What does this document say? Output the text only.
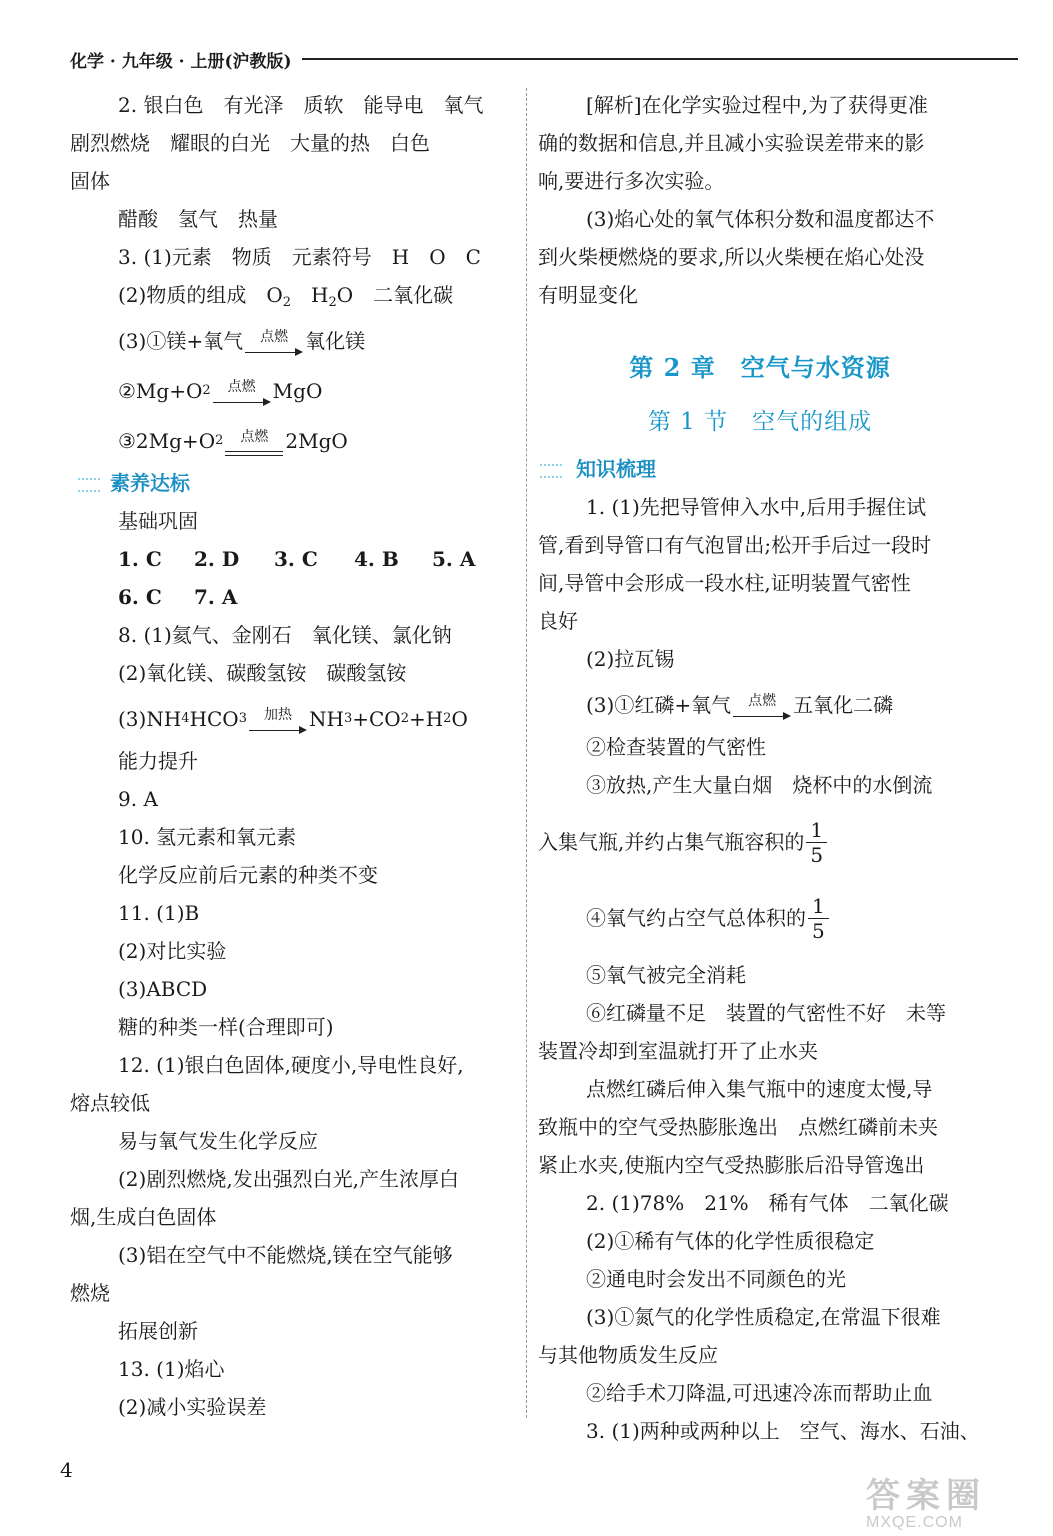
化学 · 九年级 · 上册(沪教版)
2. 银白色　有光泽　质软　能导电　氧气
剧烈燃烧　耀眼的白光　大量的热　白色
固体
醋酸　氢气　热量
3. (1)元素　物质　元素符号　H　O　C
(2)物质的组成　$O_2$　$H_2O$　二氧化碳
(3)①镁+氧气	点燃 氧化镁
②Mg+O 2	点燃 MgO
③2Mg+O 2	点燃 2MgO
素养达标
基础巩固
1. C 2. D 3. C 4. B 5. A
6. C 7. A
8. (1)氦气、金刚石　氧化镁、氯化钠
(2)氧化镁、碳酸氢铵　碳酸氢铵
(3)NH 4 HCO 3	加热 NH 3 +CO 2 +H 2 O
能力提升
9. A
10. 氢元素和氧元素
化学反应前后元素的种类不变
11. (1)B
(2)对比实验
(3)ABCD
糖的种类一样(合理即可)
12. (1)银白色固体,硬度小,导电性良好,
熔点较低
易与氧气发生化学反应
(2)剧烈燃烧,发出强烈白光,产生浓厚白
烟,生成白色固体
(3)铝在空气中不能燃烧,镁在空气能够
燃烧
拓展创新
13. (1)焰心
(2)减小实验误差
[解析]在化学实验过程中,为了获得更准
确的数据和信息,并且减小实验误差带来的影
响,要进行多次实验。
(3)焰心处的氧气体积分数和温度都达不
到火柴梗燃烧的要求,所以火柴梗在焰心处没
有明显变化
第 2 章　空气与水资源
第 1 节　空气的组成
知识梳理
1. (1)先把导管伸入水中,后用手握住试
管,看到导管口有气泡冒出;松开手后过一段时
间,导管中会形成一段水柱,证明装置气密性
良好
(2)拉瓦锡
(3)①红磷+氧气	点燃 五氧化二磷
②检查装置的气密性
③放热,产生大量白烟　烧杯中的水倒流
入集气瓶,并约占集气瓶容积的 $\frac{1}{5}$
④氧气约占空气总体积的 $\frac{1}{5}$
⑤氧气被完全消耗
⑥红磷量不足　装置的气密性不好　未等
装置冷却到室温就打开了止水夹
点燃红磷后伸入集气瓶中的速度太慢,导
致瓶中的空气受热膨胀逸出　点燃红磷前未夹
紧止水夹,使瓶内空气受热膨胀后沿导管逸出
2. (1)78%　21%　稀有气体　二氧化碳
(2)①稀有气体的化学性质很稳定
②通电时会发出不同颜色的光
(3)①氮气的化学性质稳定,在常温下很难
与其他物质发生反应
②给手术刀降温,可迅速冷冻而帮助止血
3. (1)两种或两种以上　空气、海水、石油、
4
答案圈
MXQE.COM
